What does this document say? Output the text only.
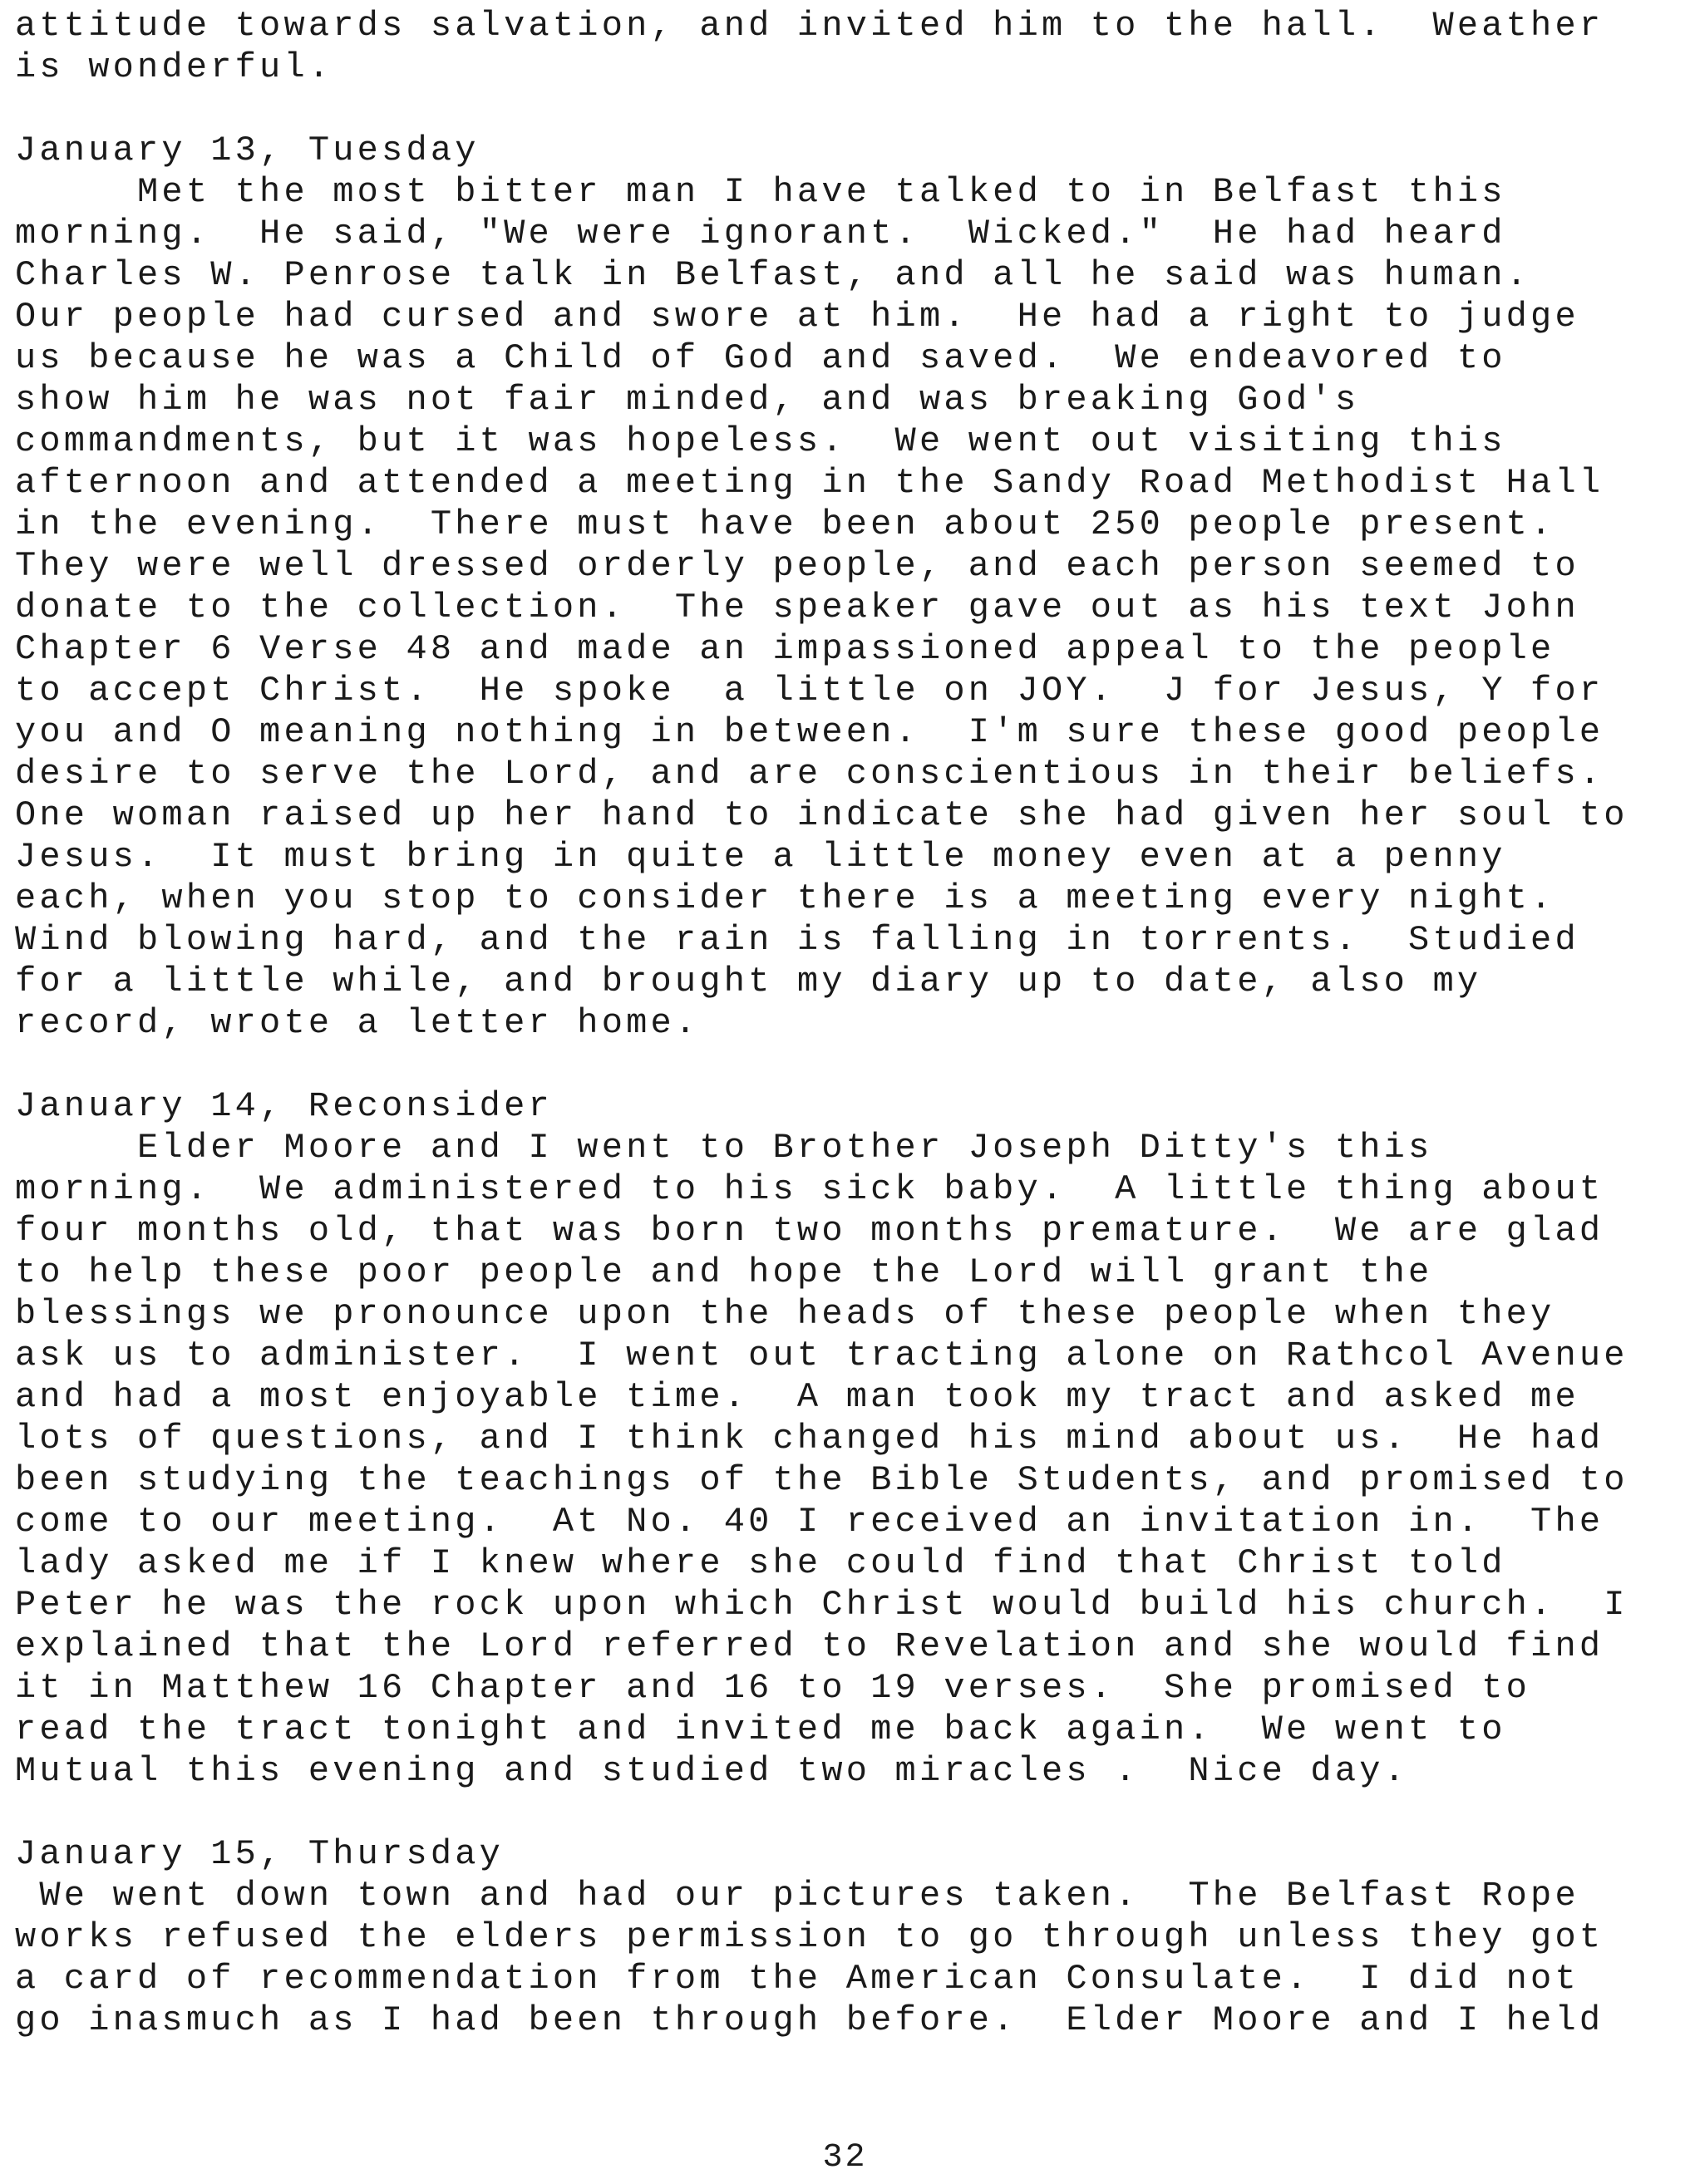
attitude towards salvation, and invited him to the hall.  Weather
is wonderful.
January 13, Tuesday
Met the most bitter man I have talked to in Belfast this
morning.  He said, "We were ignorant.  Wicked."  He had heard
Charles W. Penrose talk in Belfast, and all he said was human.
Our people had cursed and swore at him.  He had a right to judge
us because he was a Child of God and saved.  We endeavored to
show him he was not fair minded, and was breaking God's
commandments, but it was hopeless.  We went out visiting this
afternoon and attended a meeting in the Sandy Road Methodist Hall
in the evening.  There must have been about 250 people present.
They were well dressed orderly people, and each person seemed to
donate to the collection.  The speaker gave out as his text John
Chapter 6 Verse 48 and made an impassioned appeal to the people
to accept Christ.  He spoke  a little on JOY.  J for Jesus, Y for
you and O meaning nothing in between.  I'm sure these good people
desire to serve the Lord, and are conscientious in their beliefs.
One woman raised up her hand to indicate she had given her soul to
Jesus.  It must bring in quite a little money even at a penny
each, when you stop to consider there is a meeting every night.
Wind blowing hard, and the rain is falling in torrents.  Studied
for a little while, and brought my diary up to date, also my
record, wrote a letter home.
January 14, Reconsider
Elder Moore and I went to Brother Joseph Ditty's this
morning.  We administered to his sick baby.  A little thing about
four months old, that was born two months premature.  We are glad
to help these poor people and hope the Lord will grant the
blessings we pronounce upon the heads of these people when they
ask us to administer.  I went out tracting alone on Rathcol Avenue
and had a most enjoyable time.  A man took my tract and asked me
lots of questions, and I think changed his mind about us.  He had
been studying the teachings of the Bible Students, and promised to
come to our meeting.  At No. 40 I received an invitation in.  The
lady asked me if I knew where she could find that Christ told
Peter he was the rock upon which Christ would build his church.  I
explained that the Lord referred to Revelation and she would find
it in Matthew 16 Chapter and 16 to 19 verses.  She promised to
read the tract tonight and invited me back again.  We went to
Mutual this evening and studied two miracles .  Nice day.
January 15, Thursday
We went down town and had our pictures taken.  The Belfast Rope
works refused the elders permission to go through unless they got
a card of recommendation from the American Consulate.  I did not
go inasmuch as I had been through before.  Elder Moore and I held
32
